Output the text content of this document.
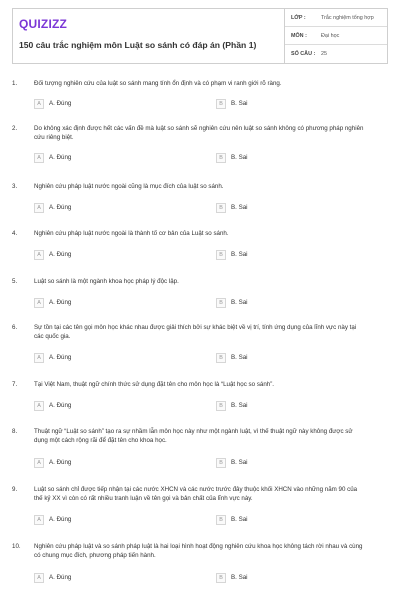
QUIZIZZ
150 câu trắc nghiệm môn Luật so sánh có đáp án (Phần 1)
LỚP :	Trắc nghiệm tổng hợp
MÔN :	Đại học
SỐ CÂU : 25
1.	Đối tượng nghiên cứu của luật so sánh mang tính ổn định và có phạm vi ranh giới rõ ràng.
A	A. Đúng	B	B. Sai
2.	Do không xác định được hết các vấn đề mà luật so sánh sẽ nghiên cứu nên luật so sánh không có phương pháp nghiên cứu riêng biệt.
A	A. Đúng	B	B. Sai
3.	Nghiên cứu pháp luật nước ngoài cũng là mục đích của luật so sánh.
A	A. Đúng	B	B. Sai
4.	Nghiên cứu pháp luật nước ngoài là thành tố cơ bản của Luật so sánh.
A	A. Đúng	B	B. Sai
5.	Luật so sánh là một ngành khoa học pháp lý độc lập.
A	A. Đúng	B	B. Sai
6.	Sự tồn tại các tên gọi môn học khác nhau được giải thích bởi sự khác biệt về vị trí, tính ứng dụng của lĩnh vực này tại các quốc gia.
A	A. Đúng	B	B. Sai
7.	Tại Việt Nam, thuật ngữ chính thức sử dụng đặt tên cho môn học là “Luật học so sánh”.
A	A. Đúng	B	B. Sai
8.	Thuật ngữ “Luật so sánh” tạo ra sự nhầm lẫn môn học này như một ngành luật, vì thế thuật ngữ này không được sử dụng một cách rộng rãi để đặt tên cho khoa học.
A	A. Đúng	B	B. Sai
9.	Luật so sánh chỉ được tiếp nhận tại các nước XHCN và các nước trước đây thuộc khối XHCN vào những năm 90 của thế kỷ XX vì còn có rất nhiều tranh luận về tên gọi và bản chất của lĩnh vực này.
A	A. Đúng	B	B. Sai
10. Nghiên cứu pháp luật và so sánh pháp luật là hai loại hình hoạt động nghiên cứu khoa học không tách rời nhau và cùng có chung mục đích, phương pháp tiến hành.
A	A. Đúng	B	B. Sai
